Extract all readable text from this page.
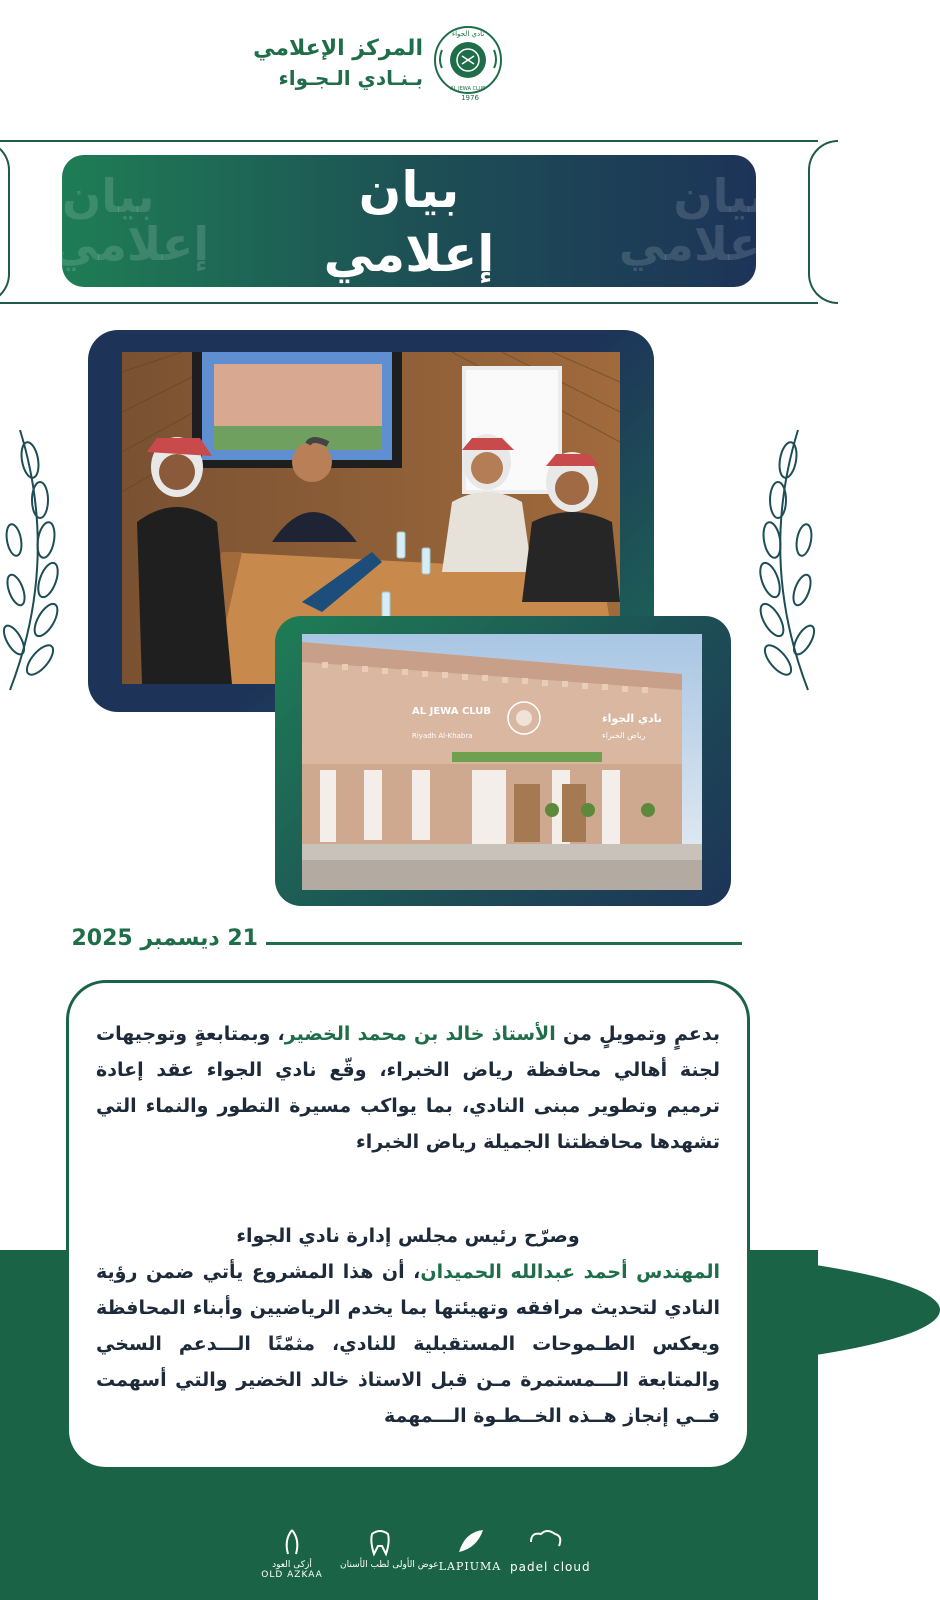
المركز الإعلامي
بـنـادي الـجـواء
نادي الجواء
AL JEWA CLUB
1976
بيان
إعلامي
بيان
إعلامي
بيان
إعلامي
AL JEWA CLUB
Riyadh Al-Khabra
نادي الجواء
رياض الخبراء
21 ديسمبر 2025
بدعمٍ وتمويلٍ من الأستاذ خالد بن محمد الخضير، وبمتابعةٍ وتوجيهات لجنة أهالي محافظة رياض الخبراء، وقّع نادي الجواء عقد إعادة ترميم وتطوير مبنى النادي، بما يواكب مسيرة التطور والنماء التي تشهدها محافظتنا الجميلة رياض الخبراء
وصرّح رئيس مجلس إدارة نادي الجواء
المهندس أحمد عبدالله الحميدان، أن هذا المشروع يأتي ضمن رؤية النادي لتحديث مرافقه وتهيئتها بما يخدم الرياضيين وأبناء المحافظة ويعكس الطـموحات المستقبلية للنادي، مثمّنًا الـــدعم السخي والمتابعة الـــمستمرة مـن قبل الاستاذ خالد الخضير والتي أسهمت فــي إنجاز هــذه الخــطـوة الـــمهمة
أزكى العود
OLD AZKAA
عوض الأولى لطب الأسنان LAPIUMA padel cloud
